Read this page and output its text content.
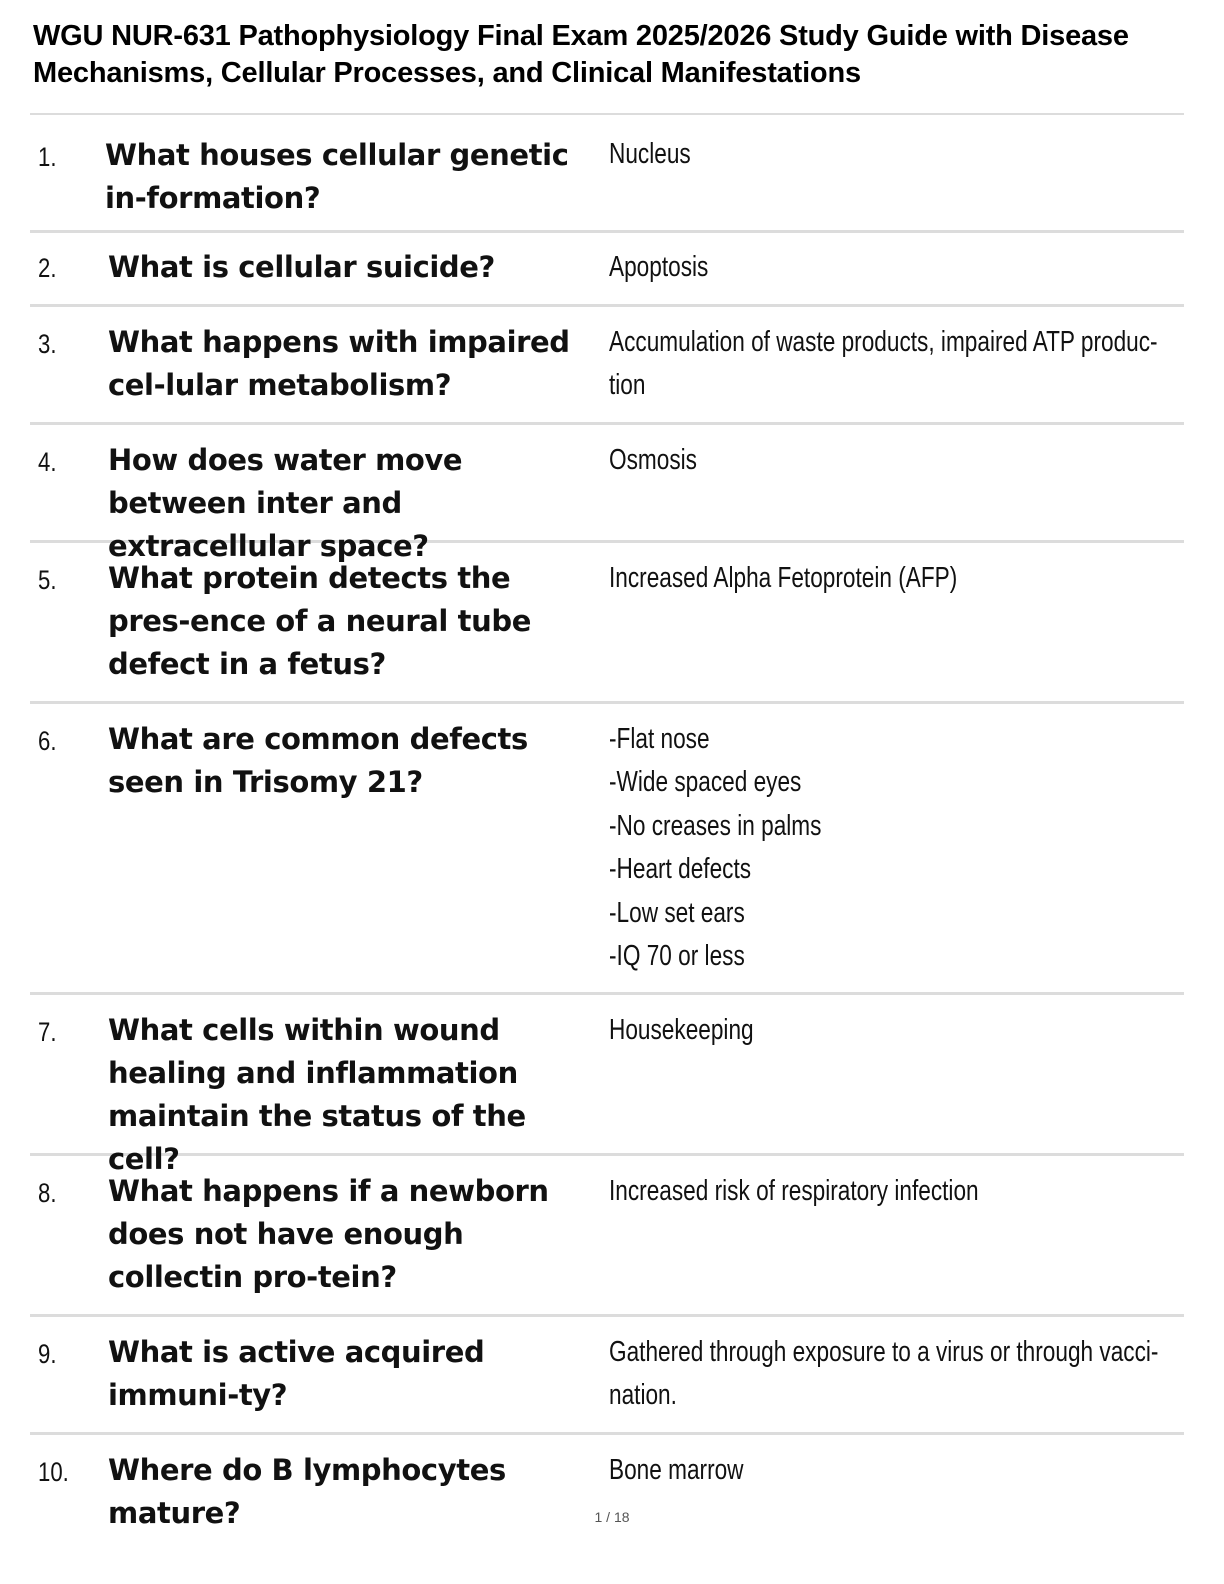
WGU NUR-631 Pathophysiology Final Exam 2025/2026 Study Guide with Disease Mechanisms, Cellular Processes, and Clinical Manifestations
1. What houses cellular genetic in-formation?

Nucleus

2. What is cellular suicide?	Apoptosis

3. What happens with impaired cel-lular metabolism?

Accumulation of waste products, impaired ATP produc-tion

4. How does water move between inter and extracellular space?

Osmosis

5. What protein detects the pres-ence of a neural tube defect in a fetus?

Increased Alpha Fetoprotein (AFP)

6. What are common defects seen in Trisomy 21?

-Flat nose
-Wide spaced eyes
-No creases in palms
-Heart defects
-Low set ears
-IQ 70 or less

7. What cells within wound healing and inflammation maintain the status of the cell?

Housekeeping

8. What happens if a newborn does not have enough collectin pro-tein?

Increased risk of respiratory infection

9. What is active acquired immuni-ty?

Gathered through exposure to a virus or through vacci-nation.

10. Where do B lymphocytes mature?

Bone marrow

1 / 18
